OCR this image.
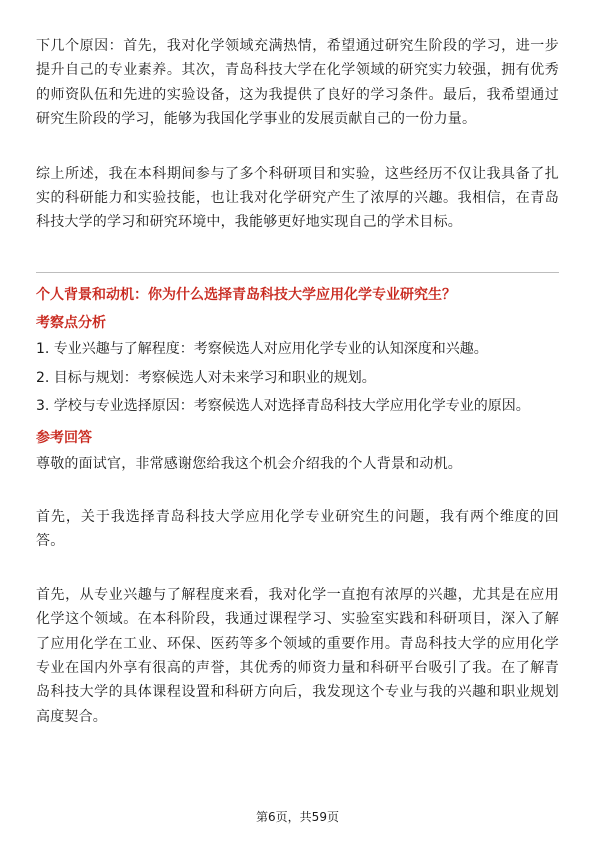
下几个原因：首先，我对化学领域充满热情，希望通过研究生阶段的学习，进一步提升自己的专业素养。其次，青岛科技大学在化学领域的研究实力较强，拥有优秀的师资队伍和先进的实验设备，这为我提供了良好的学习条件。最后，我希望通过研究生阶段的学习，能够为我国化学事业的发展贡献自己的一份力量。

综上所述，我在本科期间参与了多个科研项目和实验，这些经历不仅让我具备了扎实的科研能力和实验技能，也让我对化学研究产生了浓厚的兴趣。我相信，在青岛科技大学的学习和研究环境中，我能够更好地实现自己的学术目标。

个人背景和动机：你为什么选择青岛科技大学应用化学专业研究生？

考察点分析

1. 专业兴趣与了解程度：考察候选人对应用化学专业的认知深度和兴趣。

2. 目标与规划：考察候选人对未来学习和职业的规划。

3. 学校与专业选择原因：考察候选人对选择青岛科技大学应用化学专业的原因。

参考回答

尊敬的面试官，非常感谢您给我这个机会介绍我的个人背景和动机。

首先，关于我选择青岛科技大学应用化学专业研究生的问题，我有两个维度的回答。

首先，从专业兴趣与了解程度来看，我对化学一直抱有浓厚的兴趣，尤其是在应用化学这个领域。在本科阶段，我通过课程学习、实验室实践和科研项目，深入了解了应用化学在工业、环保、医药等多个领域的重要作用。青岛科技大学的应用化学专业在国内外享有很高的声誉，其优秀的师资力量和科研平台吸引了我。在了解青岛科技大学的具体课程设置和科研方向后，我发现这个专业与我的兴趣和职业规划高度契合。

第6页，共59页
